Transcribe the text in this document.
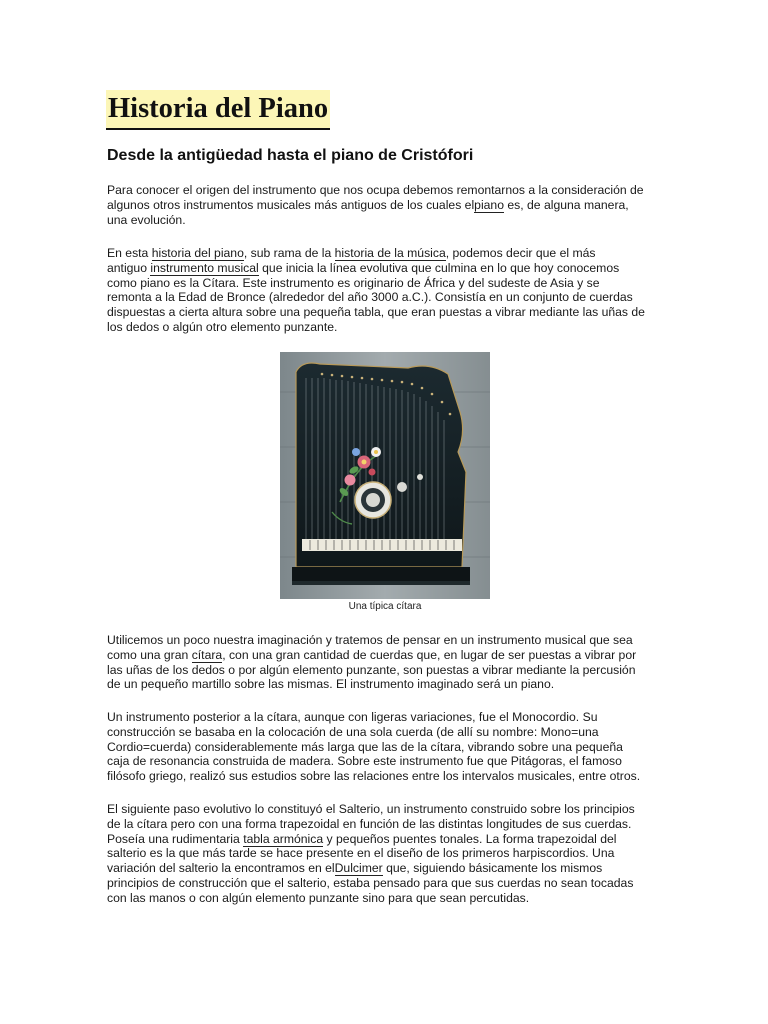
Historia del Piano
Desde la antigüedad hasta el piano de Cristófori
Para conocer el origen del instrumento que nos ocupa debemos remontarnos a la consideración de
algunos otros instrumentos musicales más antiguos de los cuales elpiano es, de alguna manera,
una evolución.
En esta historia del piano, sub rama de la historia de la música, podemos decir que el más
antiguo instrumento musical que inicia la línea evolutiva que culmina en lo que hoy conocemos
como piano es la Cítara. Este instrumento es originario de África y del sudeste de Asia y se
remonta a la Edad de Bronce (alrededor del año 3000 a.C.). Consistía en un conjunto de cuerdas
dispuestas a cierta altura sobre una pequeña tabla, que eran puestas a vibrar mediante las uñas de
los dedos o algún otro elemento punzante.
Una típica cítara
Utilicemos un poco nuestra imaginación y tratemos de pensar en un instrumento musical que sea
como una gran cítara, con una gran cantidad de cuerdas que, en lugar de ser puestas a vibrar por
las uñas de los dedos o por algún elemento punzante, son puestas a vibrar mediante la percusión
de un pequeño martillo sobre las mismas. El instrumento imaginado será un piano.
Un instrumento posterior a la cítara, aunque con ligeras variaciones, fue el Monocordio. Su
construcción se basaba en la colocación de una sola cuerda (de allí su nombre: Mono=una
Cordio=cuerda) considerablemente más larga que las de la cítara, vibrando sobre una pequeña
caja de resonancia construida de madera. Sobre este instrumento fue que Pitágoras, el famoso
filósofo griego, realizó sus estudios sobre las relaciones entre los intervalos musicales, entre otros.
El siguiente paso evolutivo lo constituyó el Salterio, un instrumento construido sobre los principios
de la cítara pero con una forma trapezoidal en función de las distintas longitudes de sus cuerdas.
Poseía una rudimentaria tabla armónica y pequeños puentes tonales. La forma trapezoidal del
salterio es la que más tarde se hace presente en el diseño de los primeros harpiscordios. Una
variación del salterio la encontramos en elDulcimer que, siguiendo básicamente los mismos
principios de construcción que el salterio, estaba pensado para que sus cuerdas no sean tocadas
con las manos o con algún elemento punzante sino para que sean percutidas.
